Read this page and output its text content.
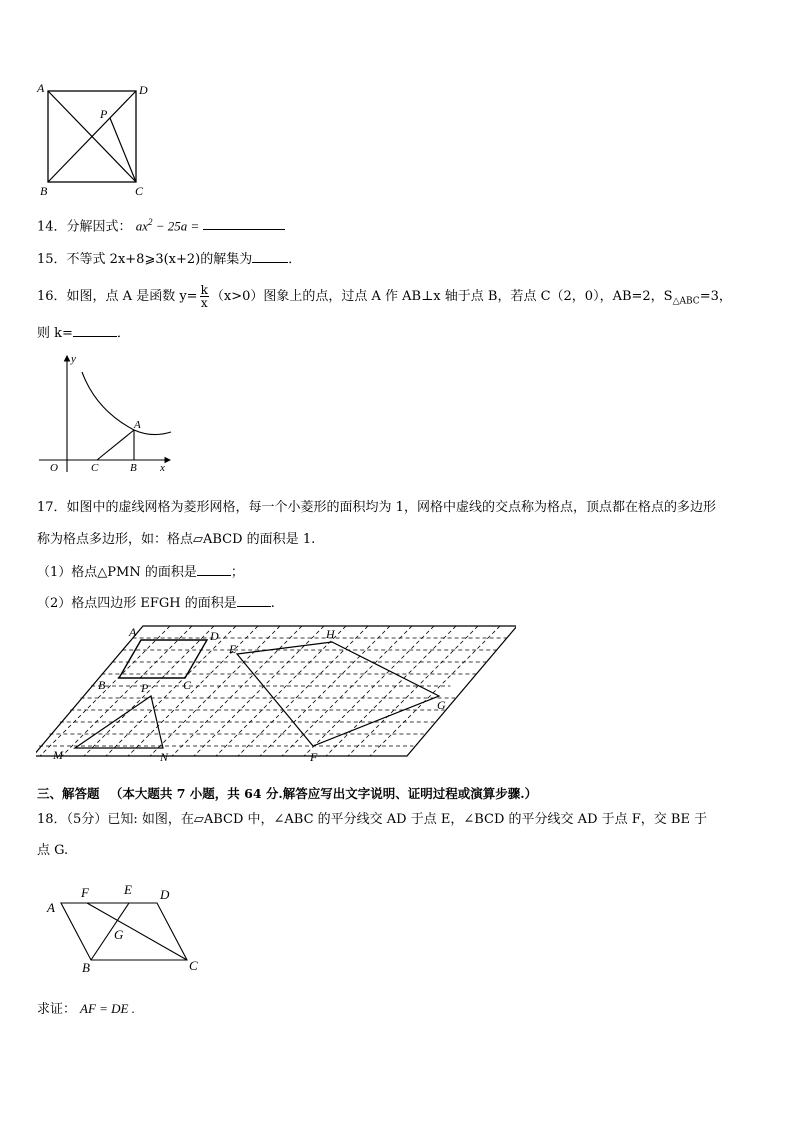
A	D
P
B	C
14．分解因式： $ax^2 - 25a$ =
15．不等式 2x+8⩾3(x+2)的解集为	．
16．如图，点 A 是函数 $y= \frac{k}{x} (x>0)$图象上的点，过点 A 作 AB⊥x 轴于点 B，若点 C（2，0），AB=2，$S_{\triangle ABC}=3$，
则 k=	．
y
A
O	C	B x
17．如图中的虚线网格为菱形网格，每一个小菱形的面积均为 1，网格中虚线的交点称为格点，顶点都在格点的多边形
称为格点多边形，如：格点▱ABCD 的面积是 1.
（1）格点△PMN 的面积是	；
（2）格点四边形 EFGH 的面积是	.
A	D
B	C
P
M	N
E
H
G
F
三、解答题 （本大题共 7 小题，共 64 分.解答应写出文字说明、证明过程或演算步骤.）
18．（5分）已知: 如图，在▱ABCD 中，∠ABC 的平分线交 AD 于点 E，∠BCD 的平分线交 AD 于点 F，交 BE 于
点 G.
A
F	E D
G
B	C
求证： AF = DE .
